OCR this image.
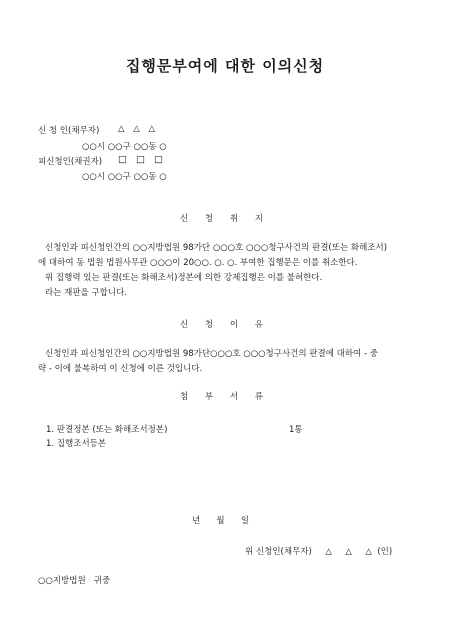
집행문부여에 대한 이의신청
신 청 인(채무자) △ △ △
○○시 ○○구 ○○동 ○
피신청인(채권자) □ □ □
○○시 ○○구 ○○동 ○
신 청 취 지
신청인과 피신청인간의 ○○지방법원 98가단 ○○○호 ○○○청구사건의 판결(또는 화해조서)
에 대하여 동 법원 법원사무관 ○○○이 20○○. ○. ○. 부여한 집행문은 이를 취소한다.
위 집행력 있는 판결(또는 화해조서)정본에 의한 강제집행은 이를 불허한다.
라는 재판을 구합니다.
신 청 이 유
신청인과 피신청인간의 ○○지방법원 98가단○○○호 ○○○청구사건의 판결에 대하여 - 중
략 - 이에 불복하여 이 신청에 이른 것입니다.
첨 부 서 류
1. 판결정본 (또는 화해조서정본)	1통
1. 집행조서등본
년      월      일
위 신청인(채무자)     △     △     △  (인)
○○지방법원   귀중
